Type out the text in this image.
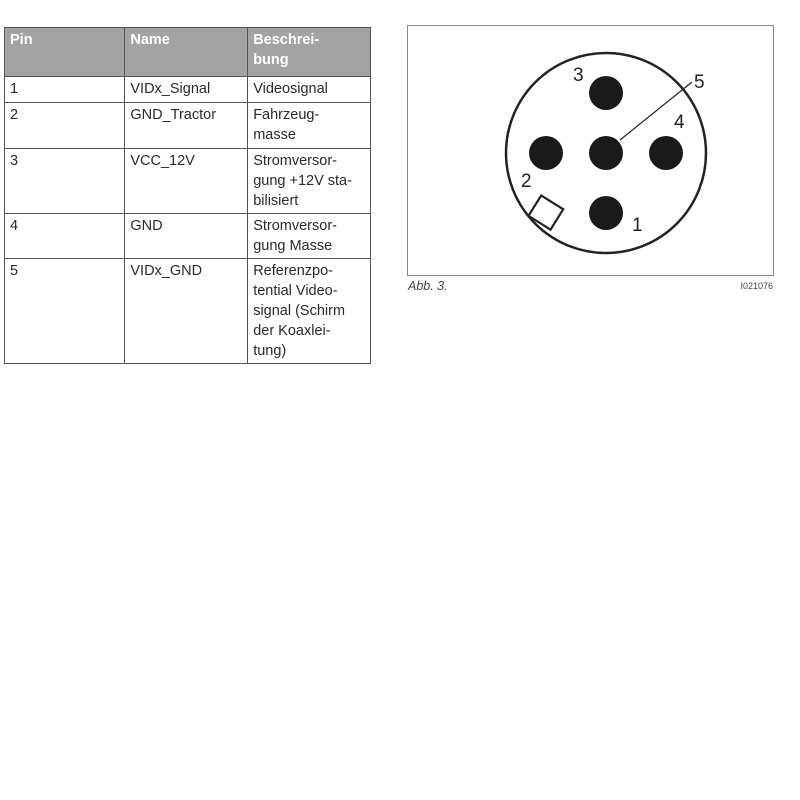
Pin	Name	Beschrei-
bung
1	VIDx_Signal	Videosignal
2	GND_Tractor	Fahrzeug-
masse
3	VCC_12V	Stromversor-
gung +12V sta-
bilisiert
4	GND	Stromversor-
gung Masse
5	VIDx_GND	Referenzpo-
tential Video-
signal (Schirm
der Koaxlei-
tung)
1
2
3
4
5
Abb. 3.	I021076
